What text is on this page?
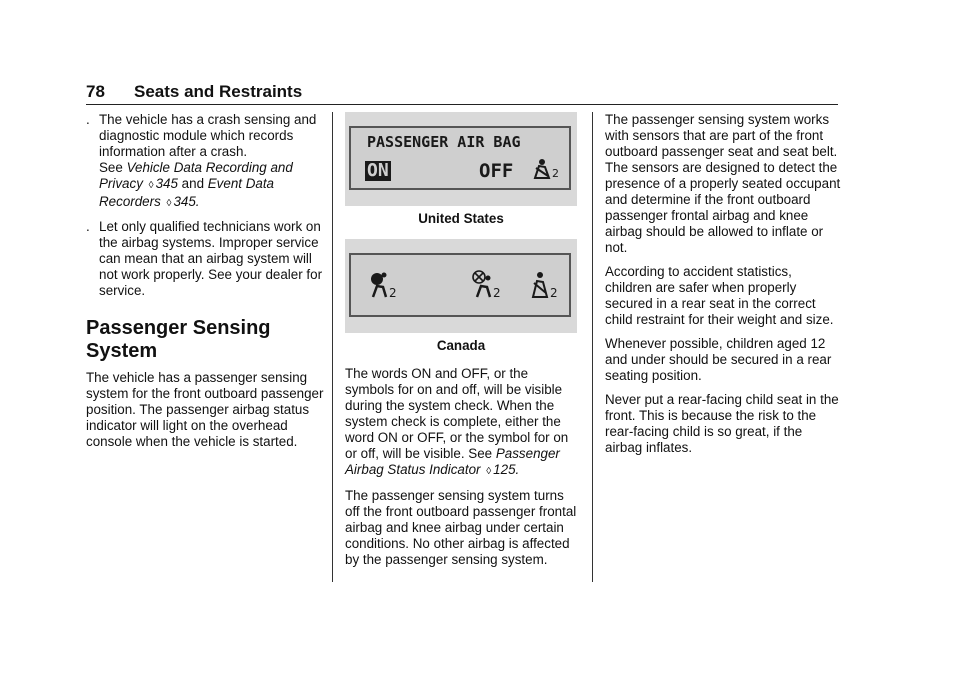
78 Seats and Restraints
. The vehicle has a crash sensing and diagnostic module which records information after a crash.
See Vehicle Data Recording and Privacy ◊ 345 and Event Data Recorders ◊ 345.
. Let only qualified technicians work on the airbag systems. Improper service can mean that an airbag system will not work properly. See your dealer for service.
Passenger Sensing System

The vehicle has a passenger sensing system for the front outboard passenger position. The passenger airbag status indicator will light on the overhead console when the vehicle is started.

PASSENGER AIR BAG
ON	OFF	2
United States
2	2	2
Canada

The words ON and OFF, or the symbols for on and off, will be visible during the system check. When the system check is complete, either the word ON or OFF, or the symbol for on or off, will be visible. See Passenger Airbag Status Indicator ◊ 125.

The passenger sensing system turns off the front outboard passenger frontal airbag and knee airbag under certain conditions. No other airbag is affected by the passenger sensing system.

The passenger sensing system works with sensors that are part of the front outboard passenger seat and seat belt. The sensors are designed to detect the presence of a properly seated occupant and determine if the front outboard passenger frontal airbag and knee airbag should be allowed to inflate or not.

According to accident statistics, children are safer when properly secured in a rear seat in the correct child restraint for their weight and size.

Whenever possible, children aged 12 and under should be secured in a rear seating position.

Never put a rear-facing child seat in the front. This is because the risk to the rear-facing child is so great, if the airbag inflates.
